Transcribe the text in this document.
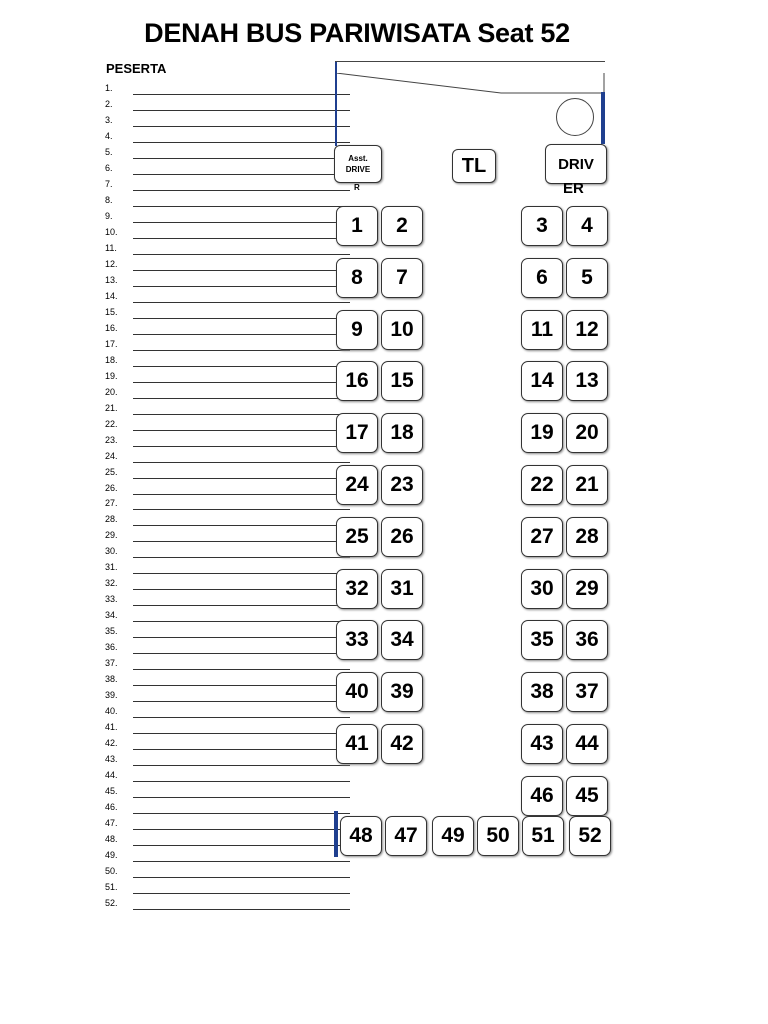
DENAH BUS PARIWISATA Seat 52
PESERTA
1.
2.
3.
4.
5.
6.
7.
8.
9.
10.
11.
12.
13.
14.
15.
16.
17.
18.
19.
20.
21.
22.
23.
24.
25.
26.
27.
28.
29.
30.
31.
32.
33.
34.
35.
36.
37.
38.
39.
40.
41.
42.
43.
44.
45.
46.
47.
48.
49.
50.
51.
52.
Asst.
DRIVE
R
TL	DRIV
ER
1	2	3	4
8	7	6	5
9	10	11	12
16	15	14	13
17	18	19	20
24	23	22	21
25	26	27	28
32	31	30	29
33	34	35	36
40	39	38	37
41	42	43	44
46	45
48	47	49	50	51	52
